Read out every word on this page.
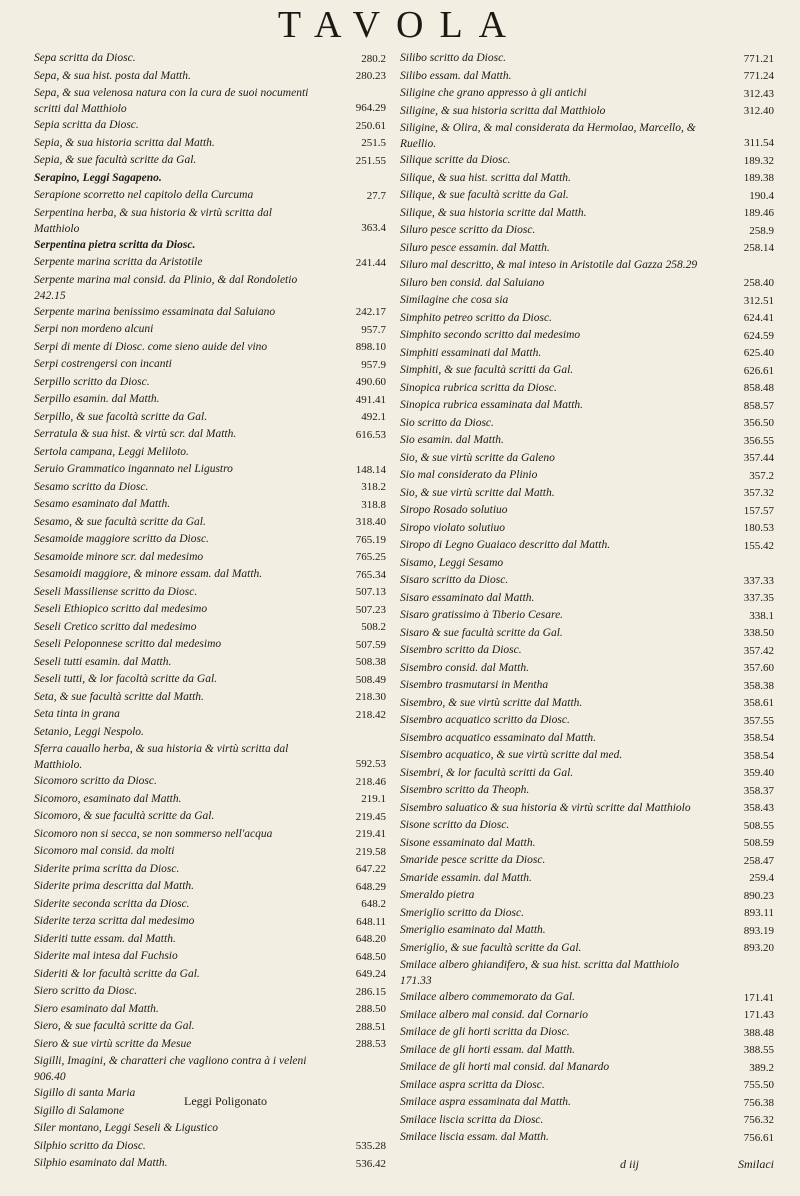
TAVOLA
Sepa scritta da Diosc.	280.2
Sepa, & sua hist. posta dal Matth.	280.23
Sepa, & sua velenosa natura con la cura de suoi nocumenti scritti dal Matthiolo	964.29
Sepia scritta da Diosc.	250.61
Sepia, & sua historia scritta dal Matth.	251.5
Sepia, & sue facultà scritte da Gal.	251.55
Serapino, Leggi Sagapeno.
Serapione scorretto nel capitolo della Curcuma	27.7
Serpentina herba, & sua historia & virtù scritta dal Matthiolo	363.4
Serpentina pietra scritta da Diosc.
Serpente marina scritta da Aristotile	241.44
Serpente marina mal consid. da Plinio, & dal Rondoletio 242.15
Serpente marina benissimo essaminata dal Saluiano	242.17
Serpi non mordeno alcuni	957.7
Serpi di mente di Diosc. come sieno auide del vino	898.10
Serpi costrengersi con incanti	957.9
Serpillo scritto da Diosc.	490.60
Serpillo esamin. dal Matth.	491.41
Serpillo, & sue facoltà scritte da Gal.	492.1
Serratula & sua hist. & virtù scr. dal Matth.	616.53
Sertola campana, Leggi Meliloto.
Seruio Grammatico ingannato nel Ligustro	148.14
Sesamo scritto da Diosc.	318.2
Sesamo esaminato dal Matth.	318.8
Sesamo, & sue facultà scritte da Gal.	318.40
Sesamoide maggiore scritto da Diosc.	765.19
Sesamoide minore scr. dal medesimo	765.25
Sesamoidi maggiore, & minore essam. dal Matth.	765.34
Seseli Massiliense scritto da Diosc.	507.13
Seseli Ethiopico scritto dal medesimo	507.23
Seseli Cretico scritto dal medesimo	508.2
Seseli Peloponnese scritto dal medesimo	507.59
Seseli tutti esamin. dal Matth.	508.38
Seseli tutti, & lor facoltà scritte da Gal.	508.49
Seta, & sue facultà scritte dal Matth.	218.30
Seta tinta in grana	218.42
Setanio, Leggi Nespolo.
Sferra cauallo herba, & sua historia & virtù scritta dal Matthiolo.	592.53
Sicomoro scritto da Diosc.	218.46
Sicomoro, esaminato dal Matth.	219.1
Sicomoro, & sue facultà scritte da Gal.	219.45
Sicomoro non si secca, se non sommerso nell'acqua	219.41
Sicomoro mal consid. da molti	219.58
Siderite prima scritta da Diosc.	647.22
Siderite prima descritta dal Matth.	648.29
Siderite seconda scritta da Diosc.	648.2
Siderite terza scritta dal medesimo	648.11
Sideriti tutte essam. dal Matth.	648.20
Siderite mal intesa dal Fuchsio	648.50
Sideriti & lor facultà scritte da Gal.	649.24
Siero scritto da Diosc.	286.15
Siero esaminato dal Matth.	288.50
Siero, & sue facultà scritte da Gal.	288.51
Siero & sue virtù scritte da Mesue	288.53
Sigilli, Imagini, & charatteri che vagliono contra à i veleni 906.40
Sigillo di santa Maria
Leggi Poligonato
Sigillo di Salamone
Siler montano, Leggi Seseli & Ligustico
Silphio scritto da Diosc.	535.28
Silphio esaminato dal Matth.	536.42
Silibo scritto da Diosc.	771.21
Silibo essam. dal Matth.	771.24
Siligine che grano appresso à gli antichi	312.43
Siligine, & sua historia scritta dal Matthiolo	312.40
Siligine, & Olira, & mal considerata da Hermolao, Marcello, & Ruellio.	311.54
Silique scritte da Diosc.	189.32
Silique, & sua hist. scritta dal Matth.	189.38
Silique, & sue facultà scritte da Gal.	190.4
Silique, & sua historia scritte dal Matth.	189.46
Siluro pesce scritto da Diosc.	258.9
Siluro pesce essamin. dal Matth.	258.14
Siluro mal descritto, & mal inteso in Aristotile dal Gazza 258.29
Siluro ben consid. dal Saluiano	258.40
Similagine che cosa sia	312.51
Simphito petreo scritto da Diosc.	624.41
Simphito secondo scritto dal medesimo	624.59
Simphiti essaminati dal Matth.	625.40
Simphiti, & sue facultà scritti da Gal.	626.61
Sinopica rubrica scritta da Diosc.	858.48
Sinopica rubrica essaminata dal Matth.	858.57
Sio scritto da Diosc.	356.50
Sio esamin. dal Matth.	356.55
Sio, & sue virtù scritte da Galeno	357.44
Sio mal considerato da Plinio	357.2
Sio, & sue virtù scritte dal Matth.	357.32
Siropo Rosado solutiuo	157.57
Siropo violato solutiuo	180.53
Siropo di Legno Guaiaco descritto dal Matth.	155.42
Sisamo, Leggi Sesamo
Sisaro scritto da Diosc.	337.33
Sisaro essaminato dal Matth.	337.35
Sisaro gratissimo à Tiberio Cesare.	338.1
Sisaro & sue facultà scritte da Gal.	338.50
Sisembro scritto da Diosc.	357.42
Sisembro consid. dal Matth.	357.60
Sisembro trasmutarsi in Mentha	358.38
Sisembro, & sue virtù scritte dal Matth.	358.61
Sisembro acquatico scritto da Diosc.	357.55
Sisembro acquatico essaminato dal Matth.	358.54
Sisembro acquatico, & sue virtù scritte dal med.	358.54
Sisembri, & lor facultà scritti da Gal.	359.40
Sisembro scritto da Theoph.	358.37
Sisembro saluatico & sua historia & virtù scritte dal Matthiolo	358.43
Sisone scritto da Diosc.	508.55
Sisone essaminato dal Matth.	508.59
Smaride pesce scritte da Diosc.	258.47
Smaride essamin. dal Matth.	259.4
Smeraldo pietra	890.23
Smeriglio scritto da Diosc.	893.11
Smeriglio esaminato dal Matth.	893.19
Smeriglio, & sue facultà scritte da Gal.	893.20
Smilace albero ghiandifero, & sua hist. scritta dal Matthiolo 171.33
Smilace albero commemorato da Gal.	171.41
Smilace albero mal consid. dal Cornario	171.43
Smilace de gli horti scritta da Diosc.	388.48
Smilace de gli horti essam. dal Matth.	388.55
Smilace de gli horti mal consid. dal Manardo	389.2
Smilace aspra scritta da Diosc.	755.50
Smilace aspra essaminata dal Matth.	756.38
Smilace liscia scritta da Diosc.	756.32
Smilace liscia essam. dal Matth.	756.61
d iij	Smilaci
